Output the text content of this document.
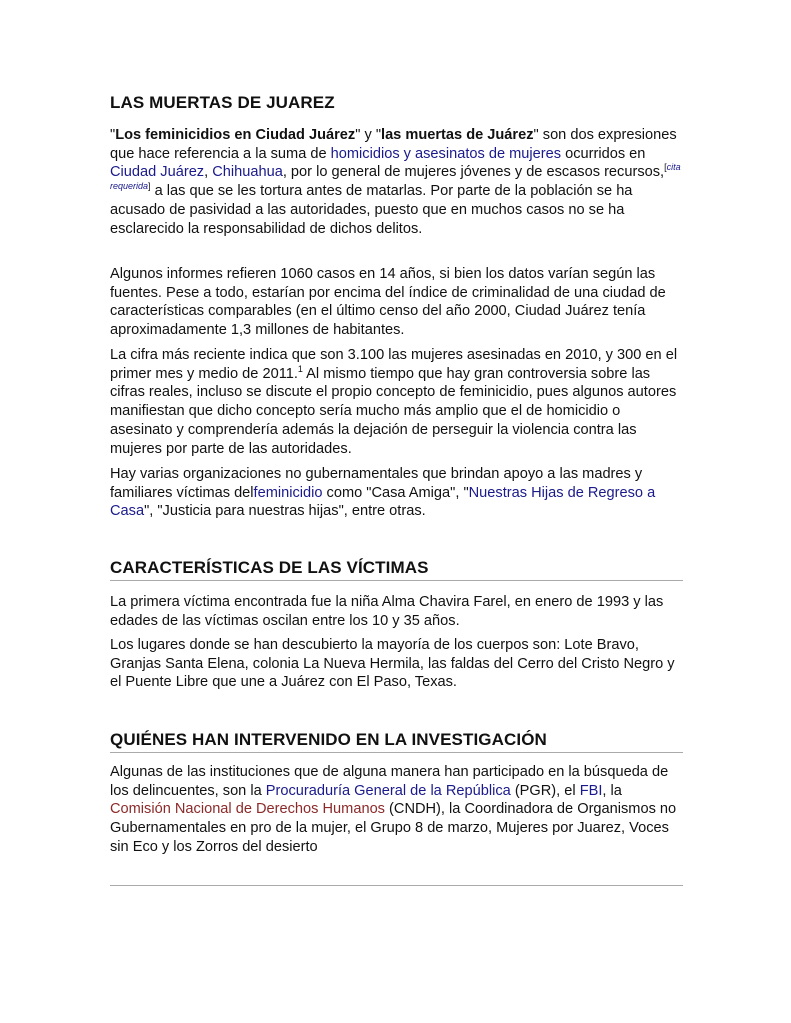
LAS MUERTAS DE JUAREZ

"Los feminicidios en Ciudad Juárez" y "las muertas de Juárez" son dos expresiones que hace referencia a la suma de homicidios y asesinatos de mujeres ocurridos en Ciudad Juárez, Chihuahua, por lo general de mujeres jóvenes y de escasos recursos,[cita requerida] a las que se les tortura antes de matarlas. Por parte de la población se ha acusado de pasividad a las autoridades, puesto que en muchos casos no se ha esclarecido la responsabilidad de dichos delitos.

Algunos informes refieren 1060 casos en 14 años, si bien los datos varían según las fuentes. Pese a todo, estarían por encima del índice de criminalidad de una ciudad de características comparables (en el último censo del año 2000, Ciudad Juárez tenía aproximadamente 1,3 millones de habitantes.

La cifra más reciente indica que son 3.100 las mujeres asesinadas en 2010, y 300 en el primer mes y medio de 2011.$^1$ Al mismo tiempo que hay gran controversia sobre las cifras reales, incluso se discute el propio concepto de feminicidio, pues algunos autores manifiestan que dicho concepto sería mucho más amplio que el de homicidio o asesinato y comprendería además la dejación de perseguir la violencia contra las mujeres por parte de las autoridades.

Hay varias organizaciones no gubernamentales que brindan apoyo a las madres y familiares víctimas delfeminicidio como "Casa Amiga", "Nuestras Hijas de Regreso a Casa", "Justicia para nuestras hijas", entre otras.

CARACTERÍSTICAS DE LAS VÍCTIMAS

La primera víctima encontrada fue la niña Alma Chavira Farel, en enero de 1993 y las edades de las víctimas oscilan entre los 10 y 35 años.

Los lugares donde se han descubierto la mayoría de los cuerpos son: Lote Bravo, Granjas Santa Elena, colonia La Nueva Hermila, las faldas del Cerro del Cristo Negro y el Puente Libre que une a Juárez con El Paso, Texas.

QUIÉNES HAN INTERVENIDO EN LA INVESTIGACIÓN

Algunas de las instituciones que de alguna manera han participado en la búsqueda de los delincuentes, son la Procuraduría General de la República (PGR), el FBI, la Comisión Nacional de Derechos Humanos (CNDH), la Coordinadora de Organismos no Gubernamentales en pro de la mujer, el Grupo 8 de marzo, Mujeres por Juarez, Voces sin Eco y los Zorros del desierto
